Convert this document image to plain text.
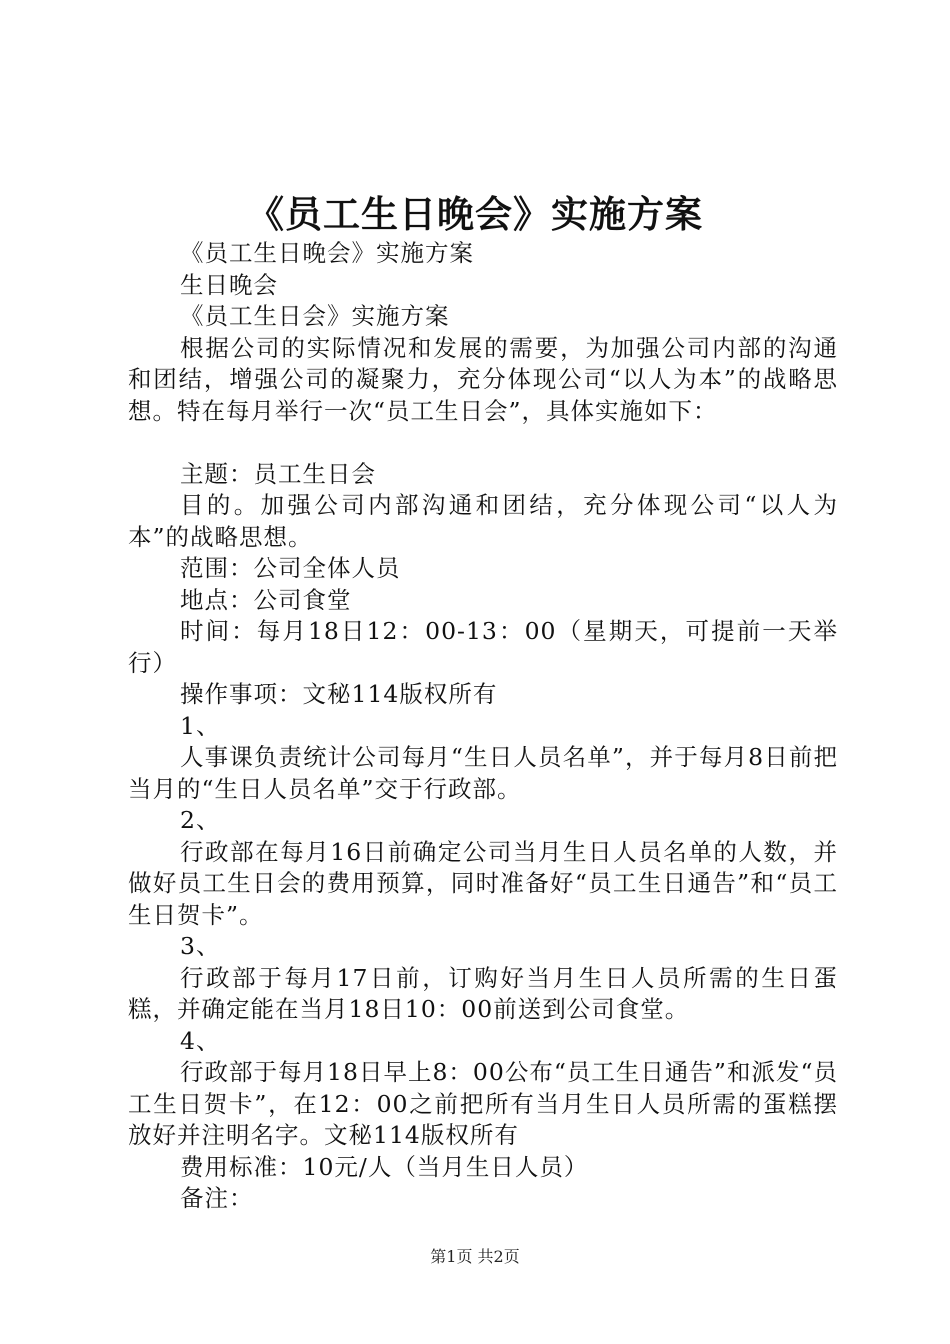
《员工生日晚会》实施方案

《员工生日晚会》实施方案

生日晚会

《员工生日会》实施方案

根据公司的实际情况和发展的需要，为加强公司内部的沟通和团结，增强公司的凝聚力，充分体现公司“以人为本”的战略思想。特在每月举行一次“员工生日会”，具体实施如下：

主题：员工生日会

目的。加强公司内部沟通和团结，充分体现公司“以人为本”的战略思想。

范围：公司全体人员

地点：公司食堂

时间：每月18日12：00-13：00（星期天，可提前一天举行）

操作事项：文秘114版权所有

1、

人事课负责统计公司每月“生日人员名单”，并于每月8日前把当月的“生日人员名单”交于行政部。

2、

行政部在每月16日前确定公司当月生日人员名单的人数，并做好员工生日会的费用预算，同时准备好“员工生日通告”和“员工生日贺卡”。

3、

行政部于每月17日前，订购好当月生日人员所需的生日蛋糕，并确定能在当月18日10：00前送到公司食堂。

4、

行政部于每月18日早上8：00公布“员工生日通告”和派发“员工生日贺卡”，在12：00之前把所有当月生日人员所需的蛋糕摆放好并注明名字。文秘114版权所有

费用标准：10元/人（当月生日人员）

备注：

第1页 共2页
